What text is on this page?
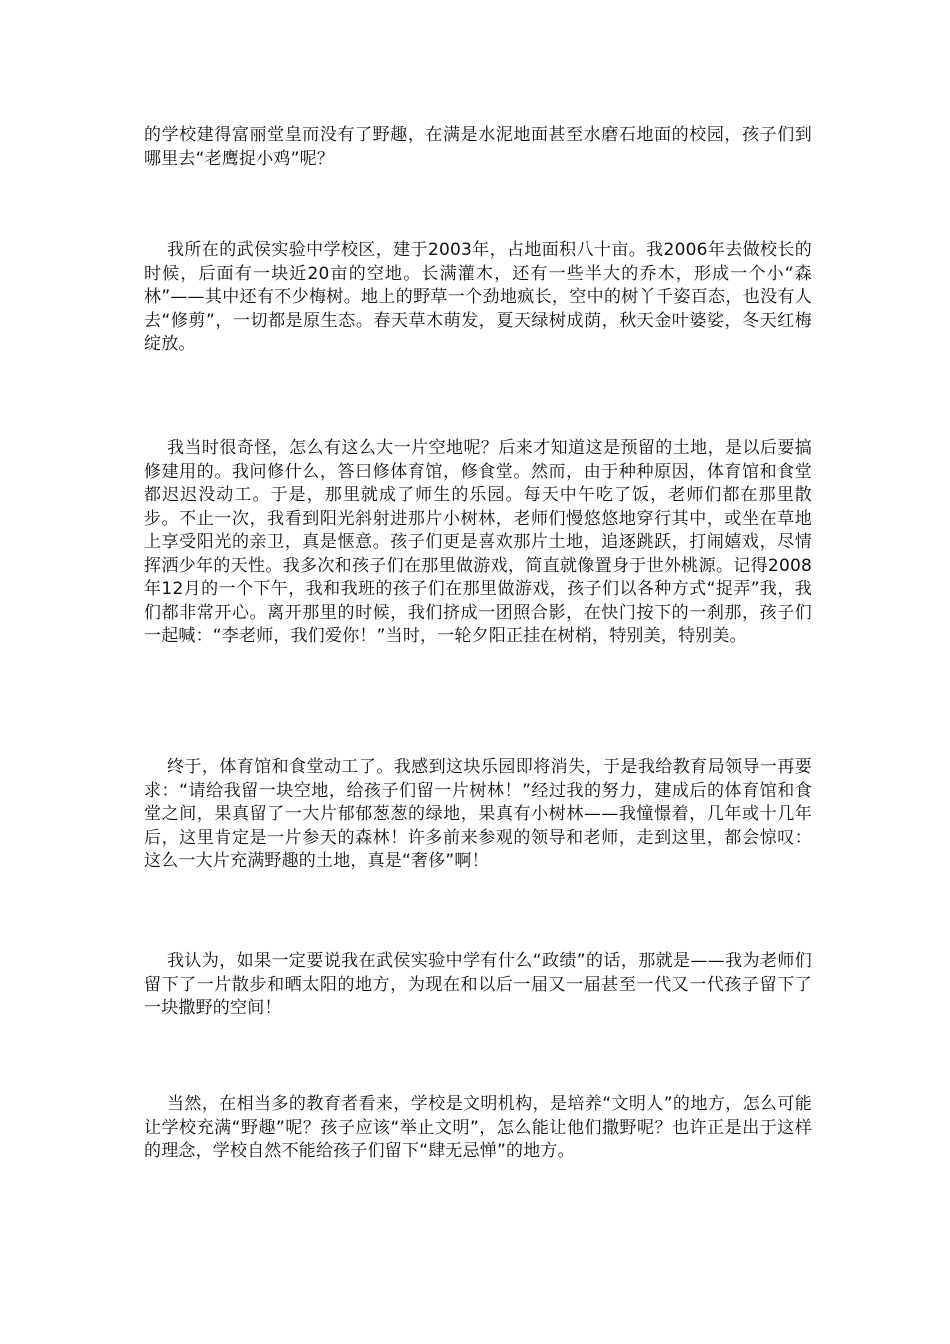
的学校建得富丽堂皇而没有了野趣，在满是水泥地面甚至水磨石地面的校园，孩子们到哪里去“老鹰捉小鸡”呢？

我所在的武侯实验中学校区，建于2003年，占地面积八十亩。我2006年去做校长的时候，后面有一块近20亩的空地。长满灌木，还有一些半大的乔木，形成一个小“森林”——其中还有不少梅树。地上的野草一个劲地疯长，空中的树丫千姿百态，也没有人去“修剪”，一切都是原生态。春天草木萌发，夏天绿树成荫，秋天金叶婆娑，冬天红梅绽放。

我当时很奇怪，怎么有这么大一片空地呢？后来才知道这是预留的土地，是以后要搞修建用的。我问修什么，答曰修体育馆，修食堂。然而，由于种种原因，体育馆和食堂都迟迟没动工。于是，那里就成了师生的乐园。每天中午吃了饭，老师们都在那里散步。不止一次，我看到阳光斜射进那片小树林，老师们慢悠悠地穿行其中，或坐在草地上享受阳光的亲卫，真是惬意。孩子们更是喜欢那片土地，追逐跳跃，打闹嬉戏，尽情挥洒少年的天性。我多次和孩子们在那里做游戏，简直就像置身于世外桃源。记得2008年12月的一个下午，我和我班的孩子们在那里做游戏，孩子们以各种方式“捉弄”我，我们都非常开心。离开那里的时候，我们挤成一团照合影，在快门按下的一刹那，孩子们一起喊：“李老师，我们爱你！”当时，一轮夕阳正挂在树梢，特别美，特别美。

终于，体育馆和食堂动工了。我感到这块乐园即将消失，于是我给教育局领导一再要求：“请给我留一块空地，给孩子们留一片树林！”经过我的努力，建成后的体育馆和食堂之间，果真留了一大片郁郁葱葱的绿地，果真有小树林——我憧憬着，几年或十几年后，这里肯定是一片参天的森林！许多前来参观的领导和老师，走到这里，都会惊叹：这么一大片充满野趣的土地，真是“奢侈”啊！

我认为，如果一定要说我在武侯实验中学有什么“政绩”的话，那就是——我为老师们留下了一片散步和晒太阳的地方，为现在和以后一届又一届甚至一代又一代孩子留下了一块撒野的空间！

当然，在相当多的教育者看来，学校是文明机构，是培养“文明人”的地方，怎么可能让学校充满“野趣”呢？孩子应该“举止文明”，怎么能让他们撒野呢？也许正是出于这样的理念，学校自然不能给孩子们留下“肆无忌惮”的地方。
